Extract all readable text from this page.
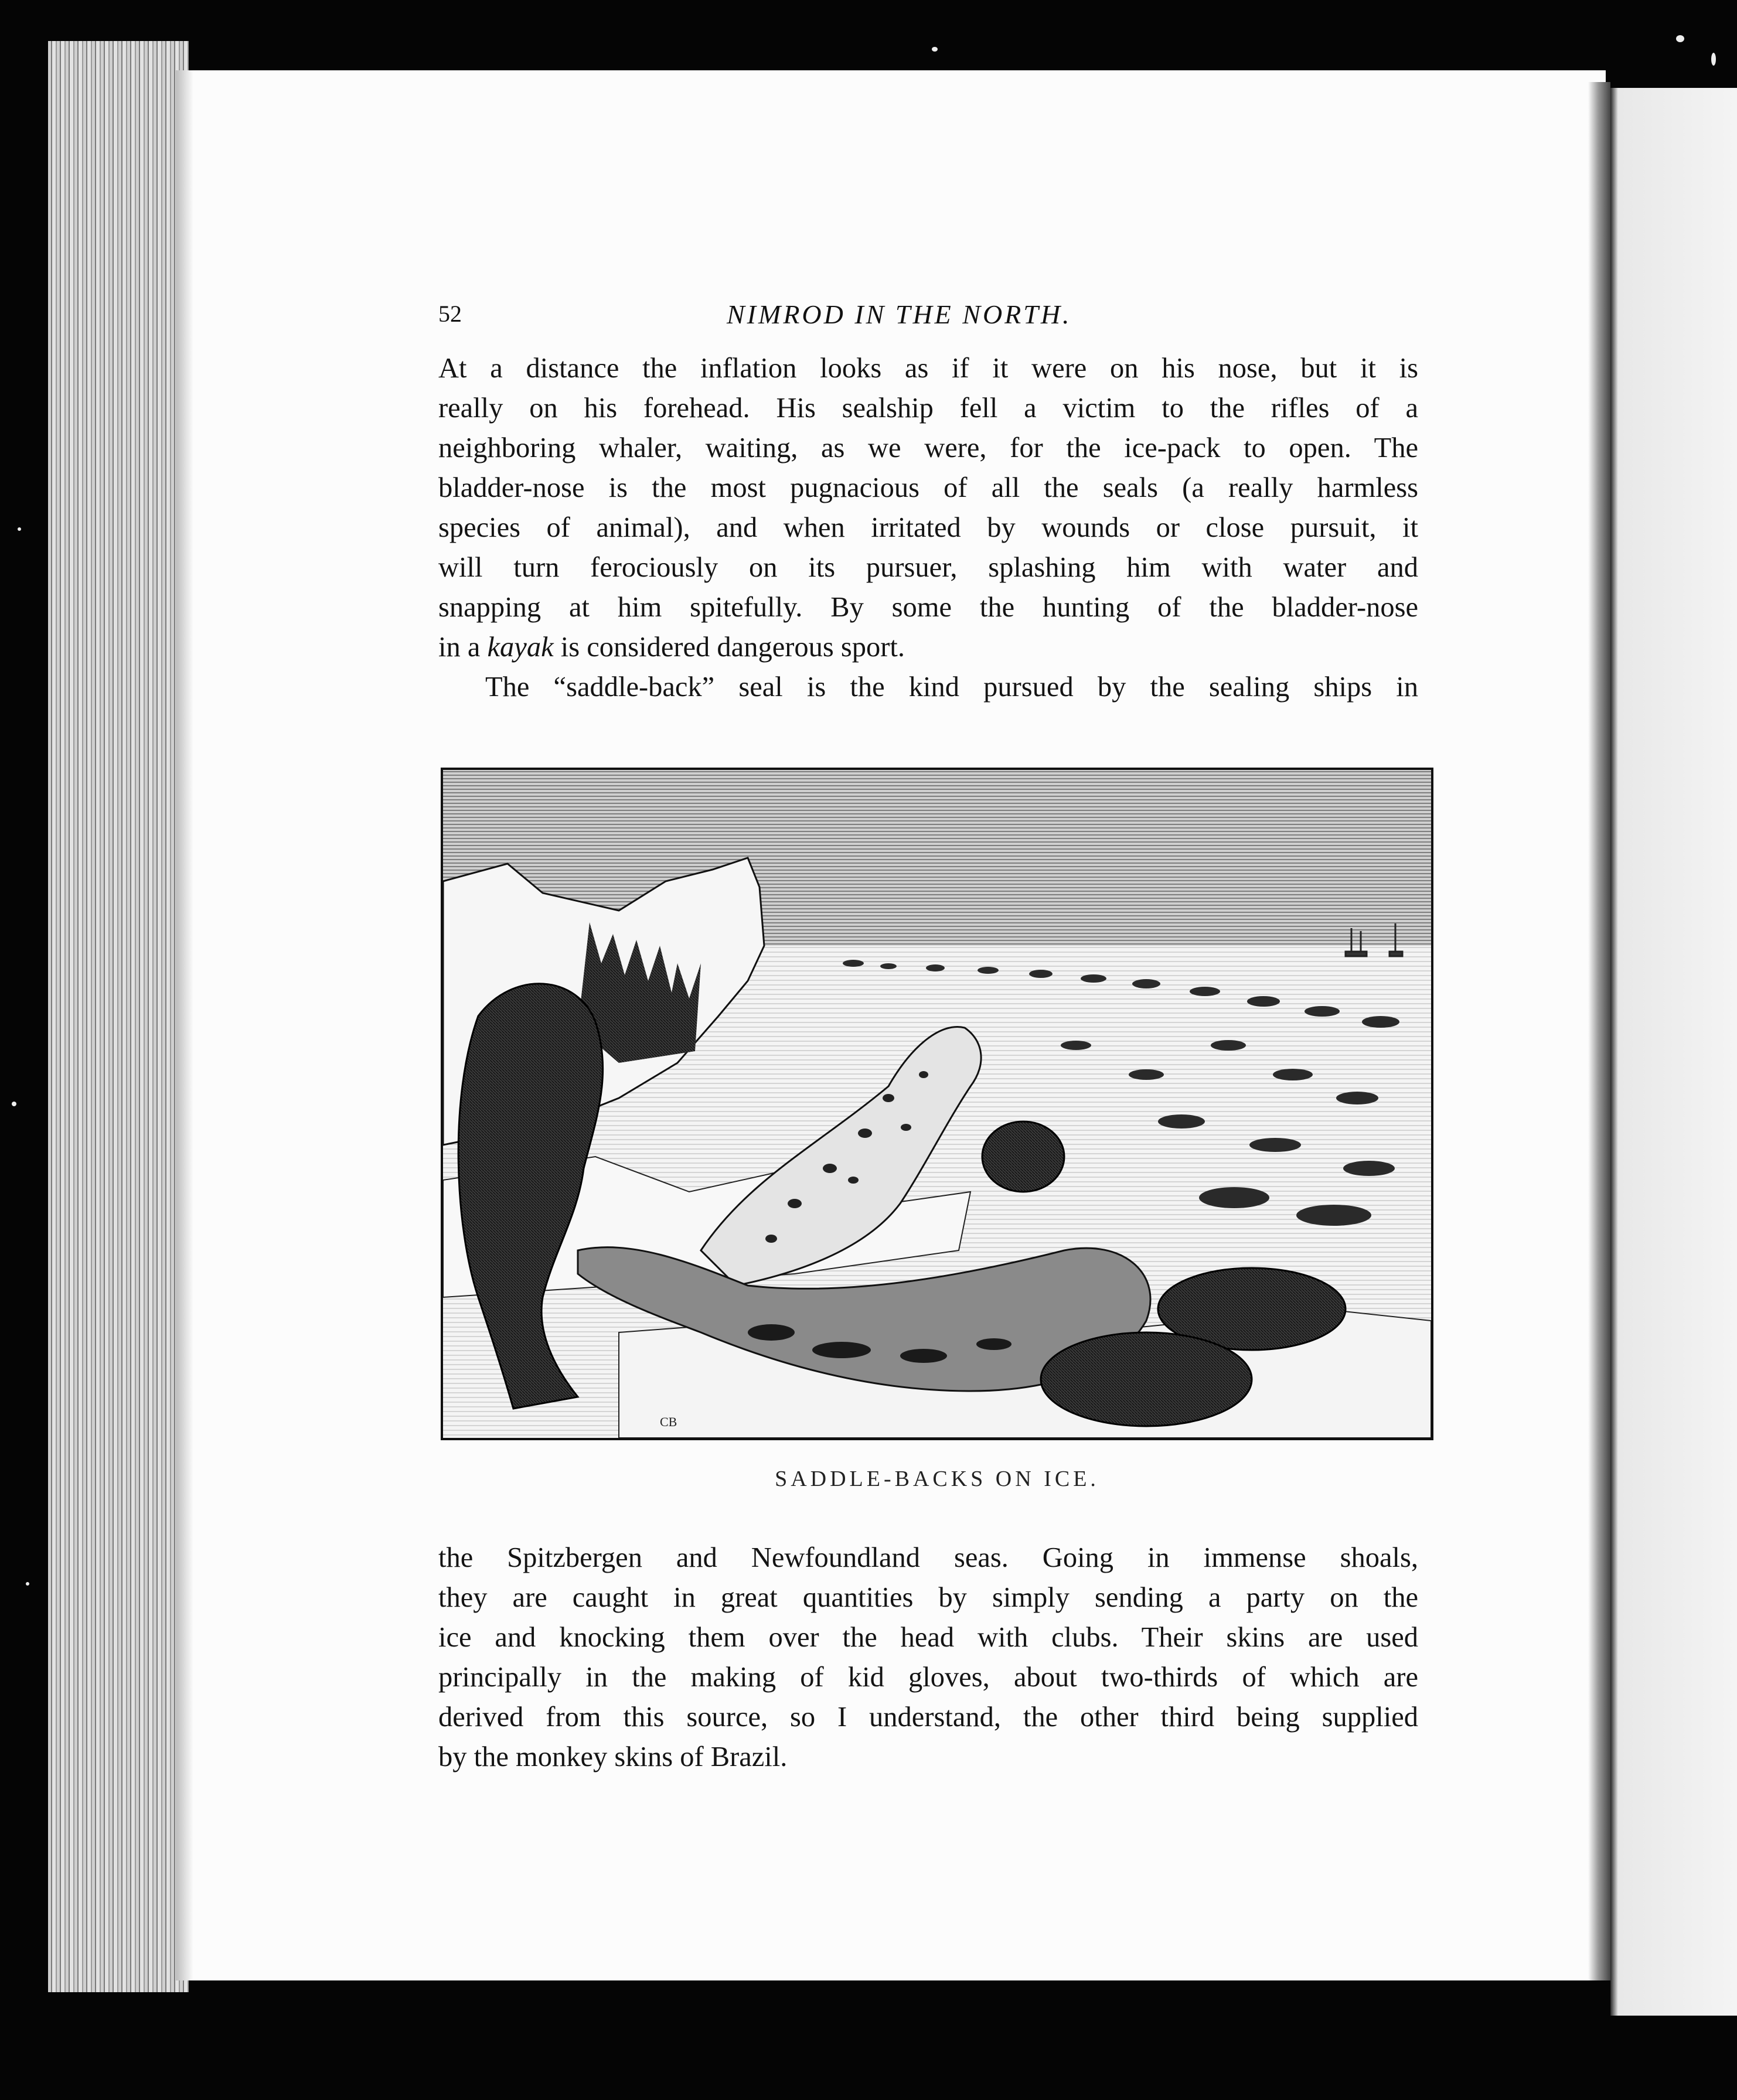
52	NIMROD IN THE NORTH.
At a distance the inflation looks as if it were on his nose, but it is
really on his forehead. His sealship fell a victim to the rifles of a
neighboring whaler, waiting, as we were, for the ice-pack to open. The
bladder-nose is the most pugnacious of all the seals (a really harmless
species of animal), and when irritated by wounds or close pursuit, it
will turn ferociously on its pursuer, splashing him with water and
snapping at him spitefully. By some the hunting of the bladder-nose
in a kayak is considered dangerous sport.
The “saddle-back” seal is the kind pursued by the sealing ships in
CB
SADDLE-BACKS ON ICE.
the Spitzbergen and Newfoundland seas. Going in immense shoals,
they are caught in great quantities by simply sending a party on the
ice and knocking them over the head with clubs. Their skins are used
principally in the making of kid gloves, about two-thirds of which are
derived from this source, so I understand, the other third being supplied
by the monkey skins of Brazil.
